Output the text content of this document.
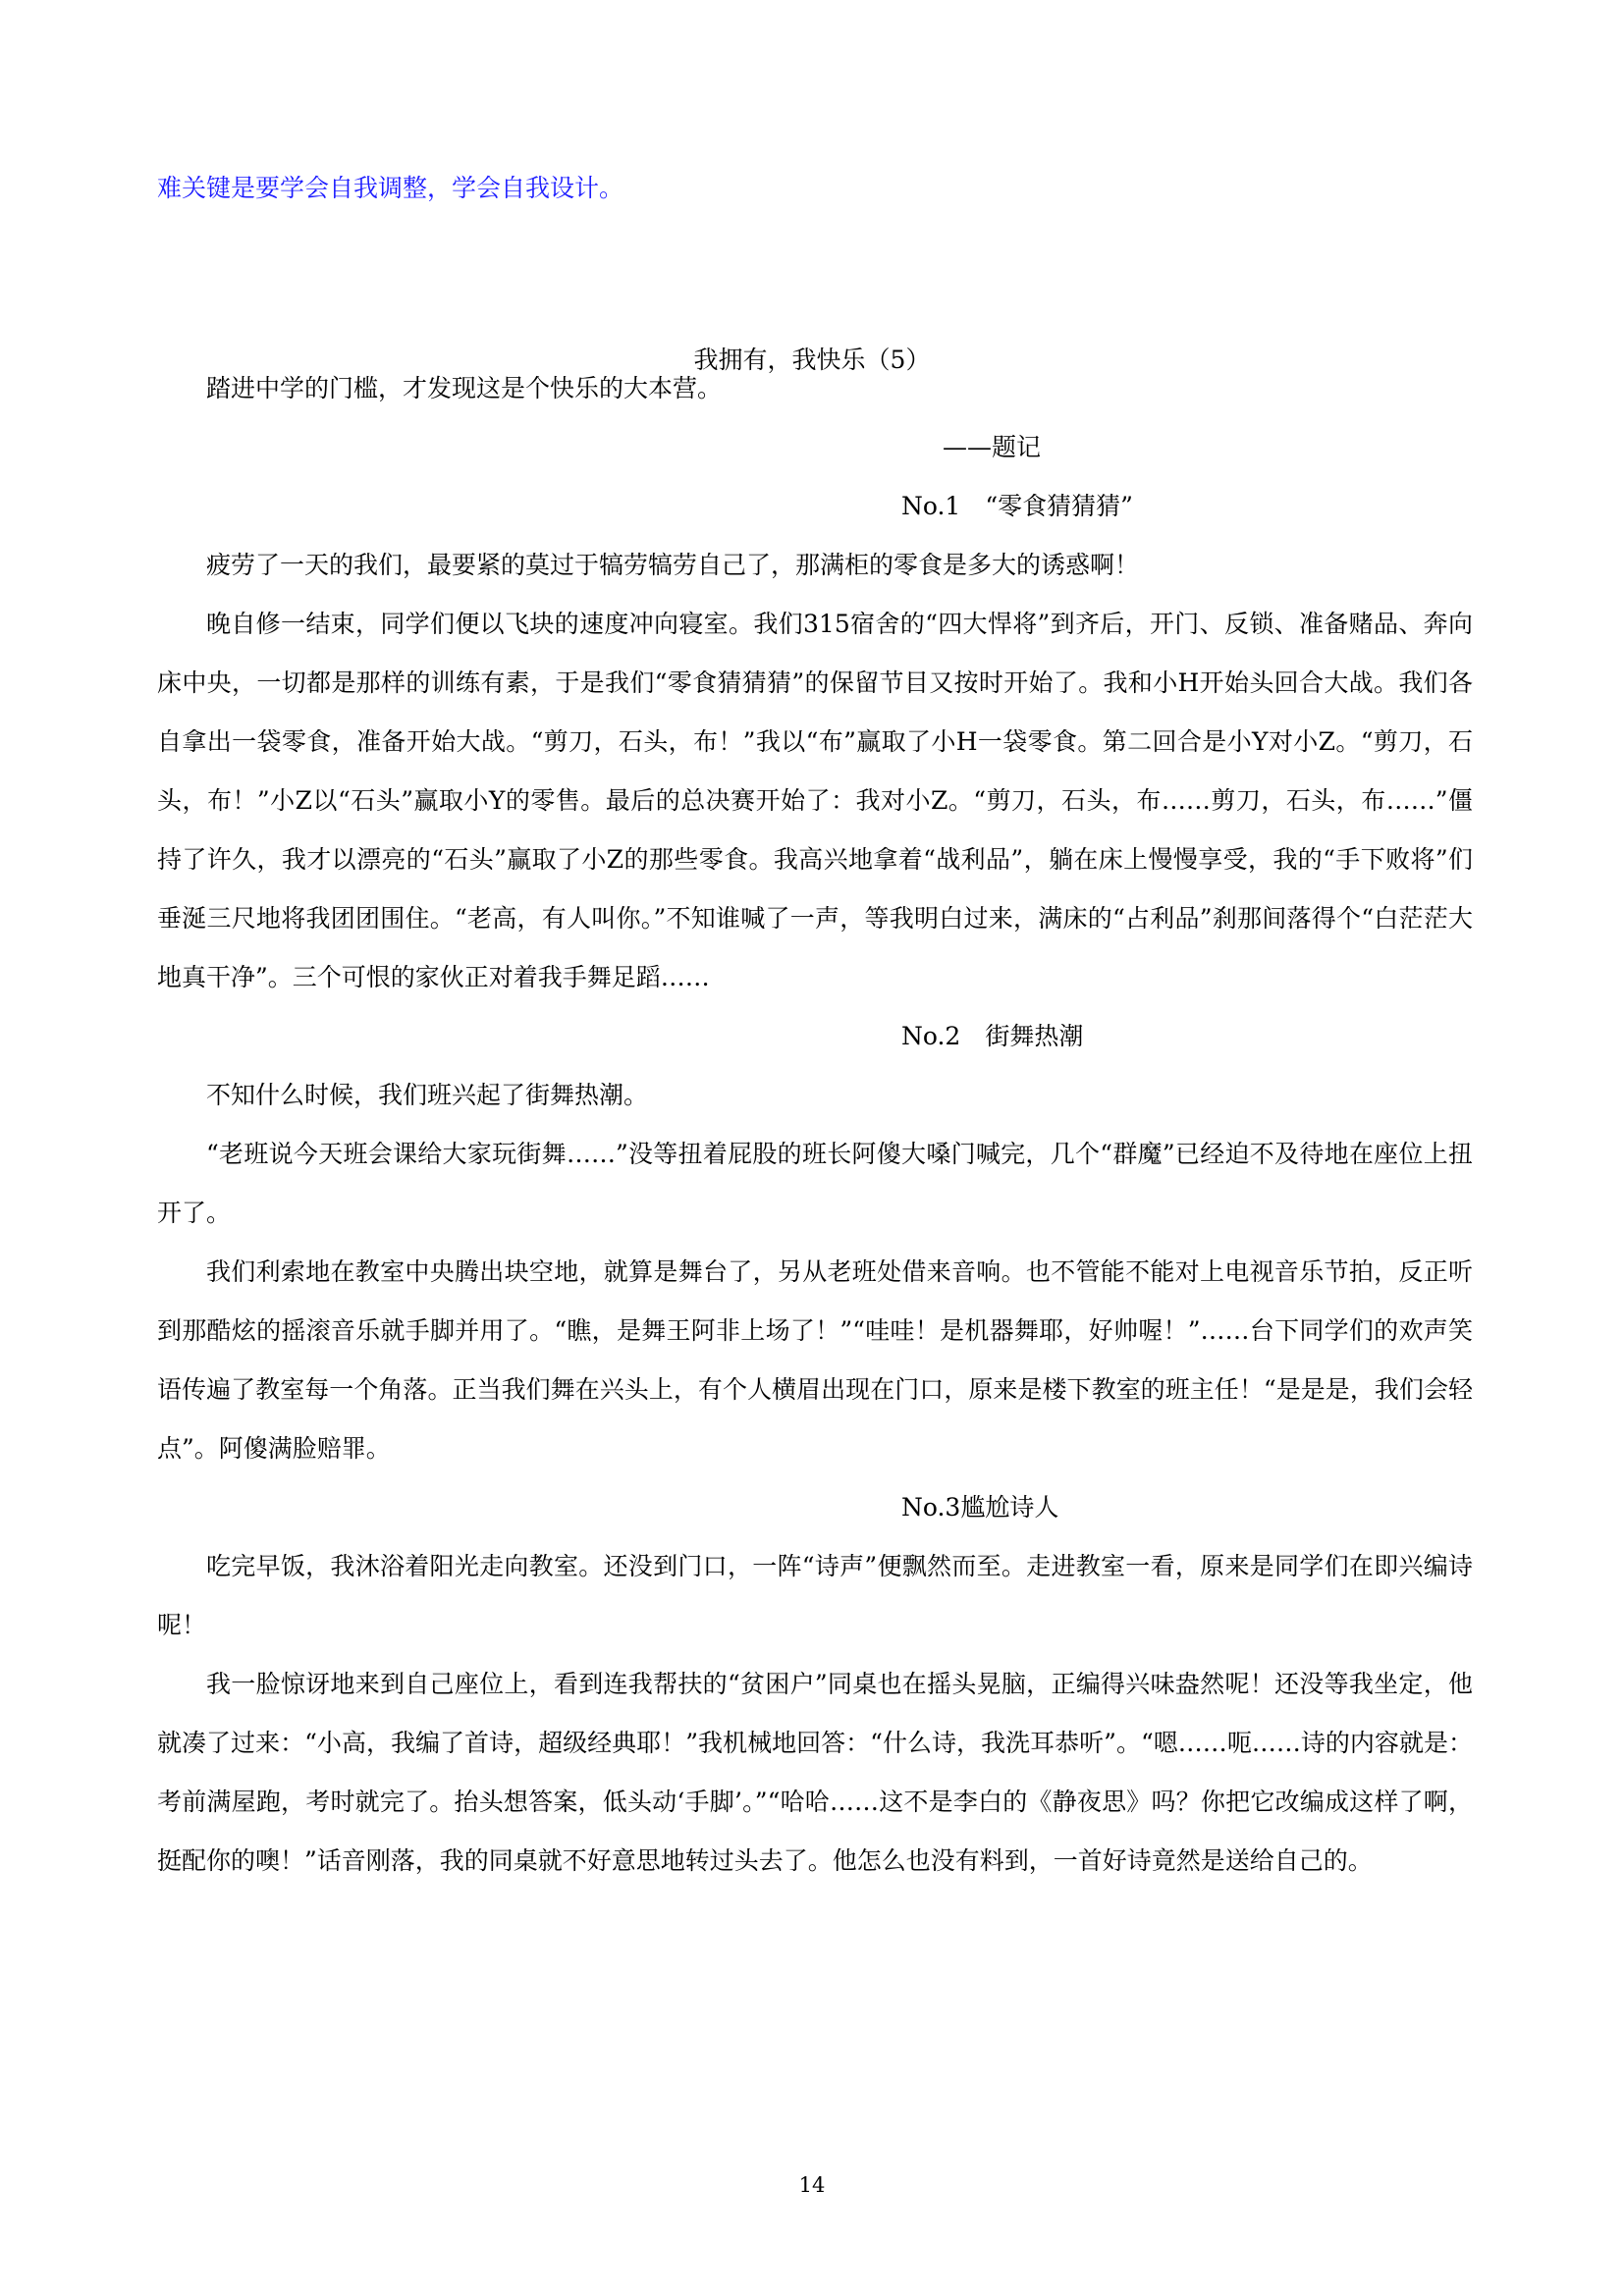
难关键是要学会自我调整，学会自我设计。
我拥有，我快乐（5）

踏进中学的门槛，才发现这是个快乐的大本营。

——题记

No.1　“零食猜猜猜”

疲劳了一天的我们，最要紧的莫过于犒劳犒劳自己了，那满柜的零食是多大的诱惑啊！

晚自修一结束，同学们便以飞块的速度冲向寝室。我们315宿舍的“四大悍将”到齐后，开门、反锁、准备赌品、奔向床中央，一切都是那样的训练有素，于是我们“零食猜猜猜”的保留节目又按时开始了。我和小H开始头回合大战。我们各自拿出一袋零食，准备开始大战。“剪刀，石头，布！”我以“布”赢取了小H一袋零食。第二回合是小Y对小Z。“剪刀，石头，布！”小Z以“石头”赢取小Y的零售。最后的总决赛开始了：我对小Z。“剪刀，石头，布……剪刀，石头，布……”僵持了许久，我才以漂亮的“石头”赢取了小Z的那些零食。我高兴地拿着“战利品”，躺在床上慢慢享受，我的“手下败将”们垂涎三尺地将我团团围住。“老高，有人叫你。”不知谁喊了一声，等我明白过来，满床的“占利品”刹那间落得个“白茫茫大地真干净”。三个可恨的家伙正对着我手舞足蹈……

No.2　街舞热潮

不知什么时候，我们班兴起了街舞热潮。

“老班说今天班会课给大家玩街舞……”没等扭着屁股的班长阿傻大嗓门喊完，几个“群魔”已经迫不及待地在座位上扭开了。

我们利索地在教室中央腾出块空地，就算是舞台了，另从老班处借来音响。也不管能不能对上电视音乐节拍，反正听到那酷炫的摇滚音乐就手脚并用了。“瞧，是舞王阿非上场了！”“哇哇！是机器舞耶，好帅喔！”……台下同学们的欢声笑语传遍了教室每一个角落。正当我们舞在兴头上，有个人横眉出现在门口，原来是楼下教室的班主任！“是是是，我们会轻点”。阿傻满脸赔罪。

No.3尴尬诗人

吃完早饭，我沐浴着阳光走向教室。还没到门口，一阵“诗声”便飘然而至。走进教室一看，原来是同学们在即兴编诗呢！

我一脸惊讶地来到自己座位上，看到连我帮扶的“贫困户”同桌也在摇头晃脑，正编得兴味盎然呢！还没等我坐定，他就凑了过来：“小高，我编了首诗，超级经典耶！”我机械地回答：“什么诗，我洗耳恭听”。“嗯……呃……诗的内容就是：考前满屋跑，考时就完了。抬头想答案，低头动‘手脚’。”“哈哈……这不是李白的《静夜思》吗？你把它改编成这样了啊，挺配你的噢！”话音刚落，我的同桌就不好意思地转过头去了。他怎么也没有料到，一首好诗竟然是送给自己的。

14
